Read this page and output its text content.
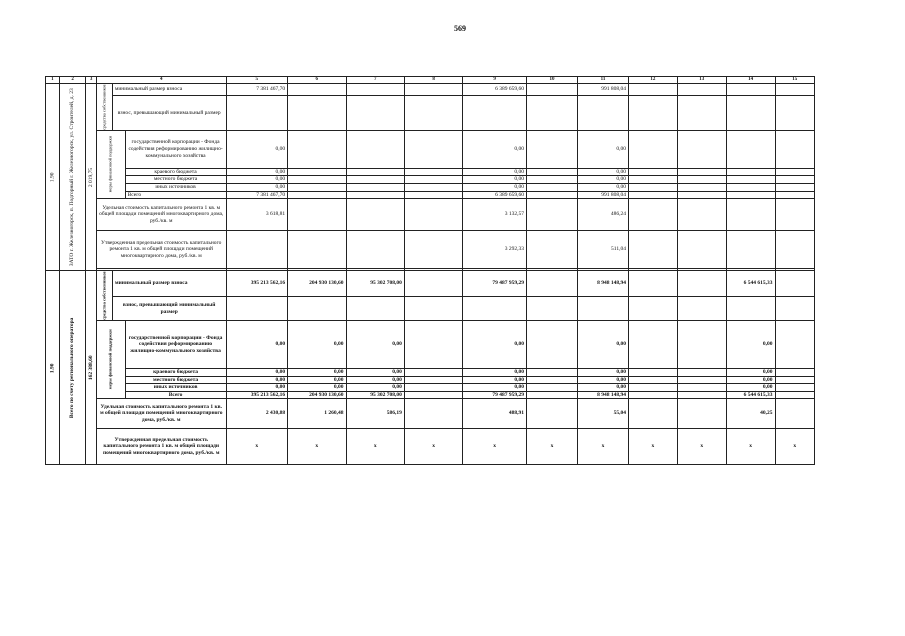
569
1	2	3	4			5	6	7	8	9	10	11	12	13	14	15
1.90	ЗАТО г. Железногорск, п. Подгорный г. Железногорск, ул. Строителей, д. 23	2 019,75	средства собственников	минимальный размер взноса		7 381 467,70				6 389 659,60		991 808,04				
				взнос, превышающий минимальный размер												
			меры финансовой поддержки		государственной корпорации - Фонда содействия реформированию жилищно-коммунального хозяйства	0,00				0,00		0,00				
					краевого бюджета	0,00				0,00		0,00				
					местного бюджета	0,00				0,00		0,00				
					иных источников	0,00				0,00		0,00				
					Всего	7 381 467,70				6 389 659,60		991 808,04				
			Удельная стоимость капитального ремонта 1 кв. м общей площади помещений многоквартирного дома, руб./кв. м			3 618,81				3 132,57		486,24				
			Утвержденная предельная стоимость капитального ремонта 1 кв. м общей площади помещений многоквартирного дома, руб./кв. м							3 292,33		511,04				

1.90	Всего по счету регионального оператора	162 388,60	средства собственников	минимальный размер взноса		395 213 562,16	204 930 130,60	95 302 708,00		79 487 959,29		8 948 148,94			6 544 615,33	
				взнос, превышающий минимальный размер												
			меры финансовой поддержки		государственной корпорации - Фонда содействия реформированию жилищно-коммунального хозяйства	0,00	0,00	0,00		0,00		0,00			0,00	
					краевого бюджета	0,00	0,00	0,00		0,00		0,00			0,00	
					местного бюджета	0,00	0,00	0,00		0,00		0,00			0,00	
					иных источников	0,00	0,00	0,00		0,00		0,00			0,00	
					Всего	395 213 562,16	204 930 130,60	95 302 708,00		79 487 959,29		8 948 148,94			6 544 615,33	
			Удельная стоимость капитального ремонта 1 кв. м общей площади помещений многоквартирного дома, руб./кв. м			2 430,88	1 260,48	586,19		488,91		55,04			40,25	
			Утвержденная предельная стоимость капитального ремонта 1 кв. м общей площади помещений многоквартирного дома, руб./кв. м			x	x	x	x	x	x	x	x	x	x	x
